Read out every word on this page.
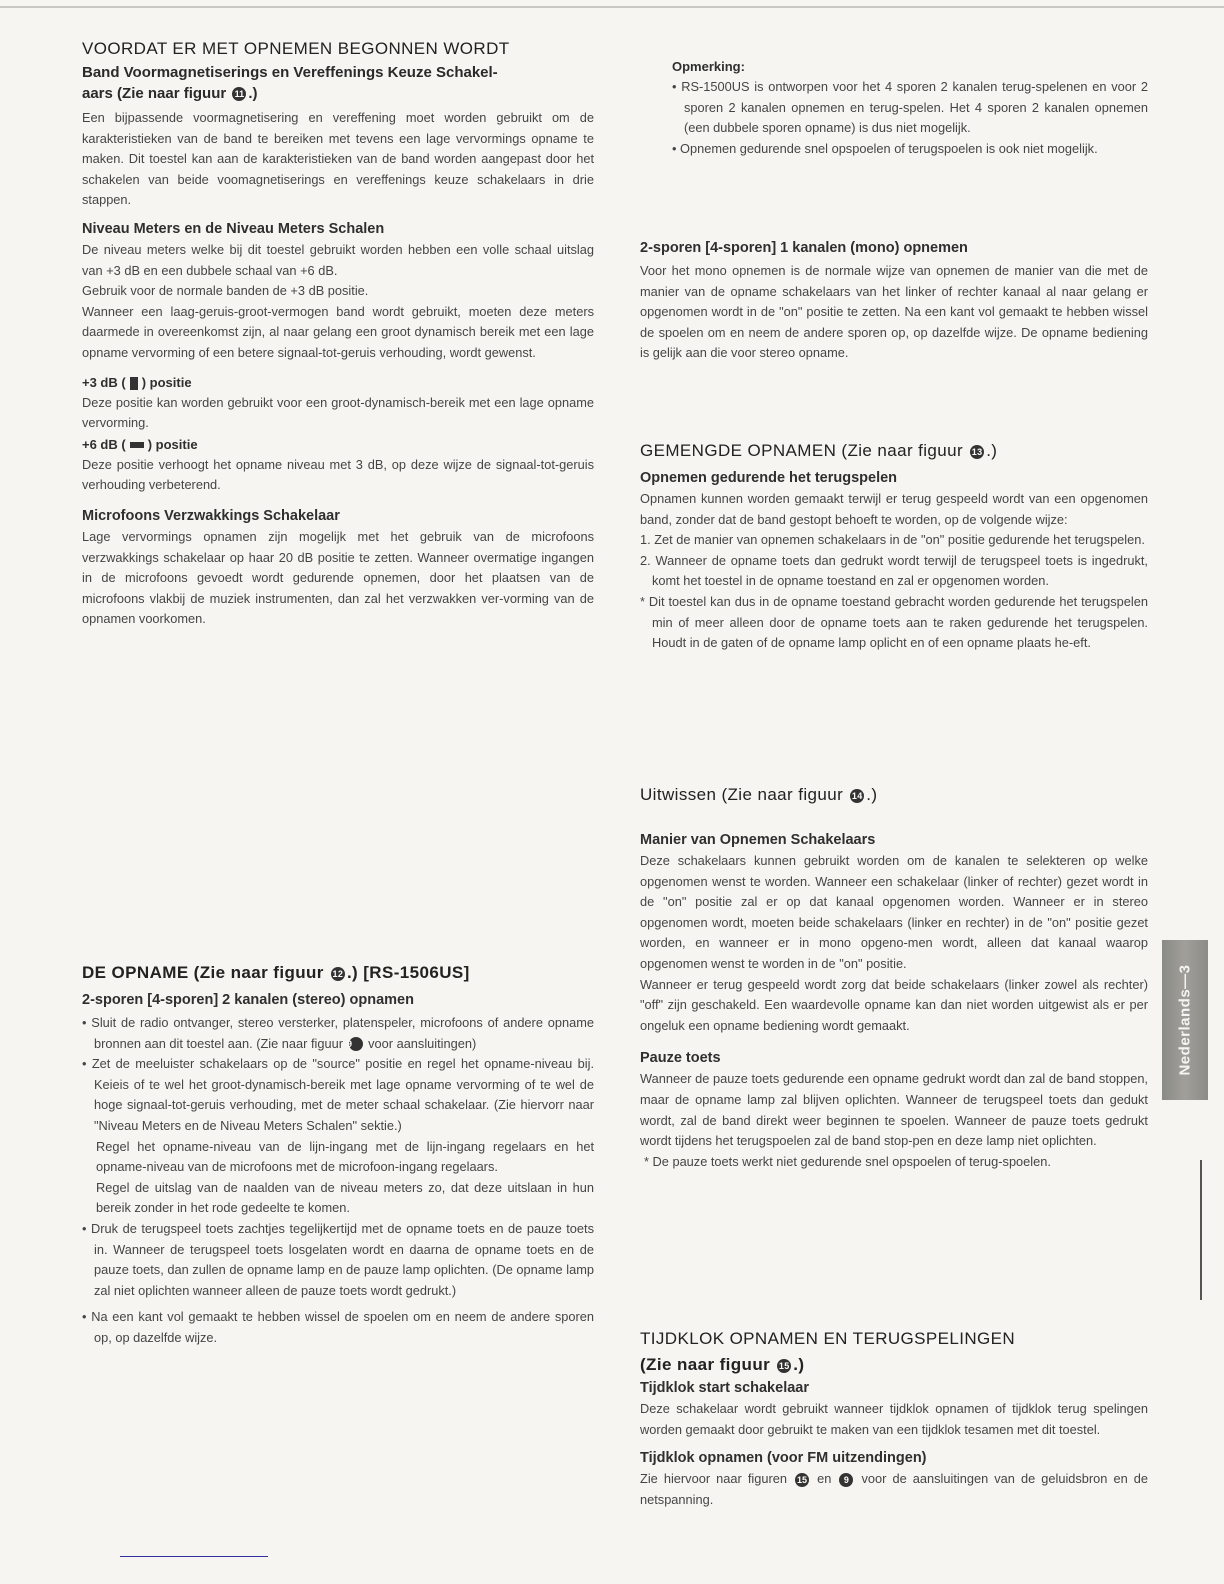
VOORDAT ER MET OPNEMEN BEGONNEN WORDT
Band Voormagnetiserings en Vereffenings Keuze Schakel-
aars (Zie naar figuur 11 .)

Een bijpassende voormagnetisering en vereffening moet worden gebruikt om de karakteristieken van de band te bereiken met tevens een lage vervormings opname te maken. Dit toestel kan aan de karakteristieken van de band worden aangepast door het schakelen van beide voomagnetiserings en vereffenings keuze schakelaars in drie stappen.

Niveau Meters en de Niveau Meters Schalen

De niveau meters welke bij dit toestel gebruikt worden hebben een volle schaal uitslag van +3 dB en een dubbele schaal van +6 dB.

Gebruik voor de normale banden de +3 dB positie.

Wanneer een laag-geruis-groot-vermogen band wordt gebruikt, moeten deze meters daarmede in overeenkomst zijn, al naar gelang een groot dynamisch bereik met een lage opname vervorming of een betere signaal-tot-geruis verhouding, wordt gewenst.

+3 dB ( ) positie

Deze positie kan worden gebruikt voor een groot-dynamisch-bereik met een lage opname vervorming.

+6 dB ( ) positie

Deze positie verhoogt het opname niveau met 3 dB, op deze wijze de signaal-tot-geruis verhouding verbeterend.

Microfoons Verzwakkings Schakelaar

Lage vervormings opnamen zijn mogelijk met het gebruik van de microfoons verzwakkings schakelaar op haar 20 dB positie te zetten. Wanneer overmatige ingangen in de microfoons gevoedt wordt gedurende opnemen, door het plaatsen van de microfoons vlakbij de muziek instrumenten, dan zal het verzwakken ver-vorming van de opnamen voorkomen.

DE OPNAME (Zie naar figuur 12 .) [RS-1506US]
2-sporen [4-sporen] 2 kanalen (stereo) opnamen

• Sluit de radio ontvanger, stereo versterker, platenspeler, microfoons of andere opname bronnen aan dit toestel aan. (Zie naar figuur 9 voor aansluitingen)

• Zet de meeluister schakelaars op de "source" positie en regel het opname-niveau bij. Keieis of te wel het groot-dynamisch-bereik met lage opname vervorming of te wel de hoge signaal-tot-geruis verhouding, met de meter schaal schakelaar. (Zie hiervorr naar "Niveau Meters en de Niveau Meters Schalen" sektie.)

Regel het opname-niveau van de lijn-ingang met de lijn-ingang regelaars en het opname-niveau van de microfoons met de microfoon-ingang regelaars.

Regel de uitslag van de naalden van de niveau meters zo, dat deze uitslaan in hun bereik zonder in het rode gedeelte te komen.

• Druk de terugspeel toets zachtjes tegelijkertijd met de opname toets en de pauze toets in. Wanneer de terugspeel toets losgelaten wordt en daarna de opname toets en de pauze toets, dan zullen de opname lamp en de pauze lamp oplichten. (De opname lamp zal niet oplichten wanneer alleen de pauze toets wordt gedrukt.)

• Na een kant vol gemaakt te hebben wissel de spoelen om en neem de andere sporen op, op dazelfde wijze.

Opmerking:

• RS-1500US is ontworpen voor het 4 sporen 2 kanalen terug-spelenen en voor 2 sporen 2 kanalen opnemen en terug-spelen. Het 4 sporen 2 kanalen opnemen (een dubbele sporen opname) is dus niet mogelijk.

• Opnemen gedurende snel opspoelen of terugspoelen is ook niet mogelijk.

2-sporen [4-sporen] 1 kanalen (mono) opnemen

Voor het mono opnemen is de normale wijze van opnemen de manier van die met de manier van de opname schakelaars van het linker of rechter kanaal al naar gelang er opgenomen wordt in de "on" positie te zetten. Na een kant vol gemaakt te hebben wissel de spoelen om en neem de andere sporen op, op dazelfde wijze. De opname bediening is gelijk aan die voor stereo opname.

GEMENGDE OPNAMEN (Zie naar figuur 13 .)
Opnemen gedurende het terugspelen

Opnamen kunnen worden gemaakt terwijl er terug gespeeld wordt van een opgenomen band, zonder dat de band gestopt behoeft te worden, op de volgende wijze:

1. Zet de manier van opnemen schakelaars in de "on" positie gedurende het terugspelen.

2. Wanneer de opname toets dan gedrukt wordt terwijl de terugspeel toets is ingedrukt, komt het toestel in de opname toestand en zal er opgenomen worden.

* Dit toestel kan dus in de opname toestand gebracht worden gedurende het terugspelen min of meer alleen door de opname toets aan te raken gedurende het terugspelen. Houdt in de gaten of de opname lamp oplicht en of een opname plaats he-eft.

Uitwissen (Zie naar figuur 14 .)
Manier van Opnemen Schakelaars

Deze schakelaars kunnen gebruikt worden om de kanalen te selekteren op welke opgenomen wenst te worden. Wanneer een schakelaar (linker of rechter) gezet wordt in de "on" positie zal er op dat kanaal opgenomen worden. Wanneer er in stereo opgenomen wordt, moeten beide schakelaars (linker en rechter) in de "on" positie gezet worden, en wanneer er in mono opgeno-men wordt, alleen dat kanaal waarop opgenomen wenst te worden in de "on" positie.

Wanneer er terug gespeeld wordt zorg dat beide schakelaars (linker zowel als rechter) "off" zijn geschakeld. Een waardevolle opname kan dan niet worden uitgewist als er per ongeluk een opname bediening wordt gemaakt.

Pauze toets

Wanneer de pauze toets gedurende een opname gedrukt wordt dan zal de band stoppen, maar de opname lamp zal blijven oplichten. Wanneer de terugspeel toets dan gedukt wordt, zal de band direkt weer beginnen te spoelen. Wanneer de pauze toets gedrukt wordt tijdens het terugspoelen zal de band stop-pen en deze lamp niet oplichten.

* De pauze toets werkt niet gedurende snel opspoelen of terug-spoelen.

TIJDKLOK OPNAMEN EN TERUGSPELINGEN
(Zie naar figuur 15 .)
Tijdklok start schakelaar

Deze schakelaar wordt gebruikt wanneer tijdklok opnamen of tijdklok terug spelingen worden gemaakt door gebruikt te maken van een tijdklok tesamen met dit toestel.

Tijdklok opnamen (voor FM uitzendingen)

Zie hiervoor naar figuren 15 en 9 voor de aansluitingen van de geluidsbron en de netspanning.

Nederlands—3
